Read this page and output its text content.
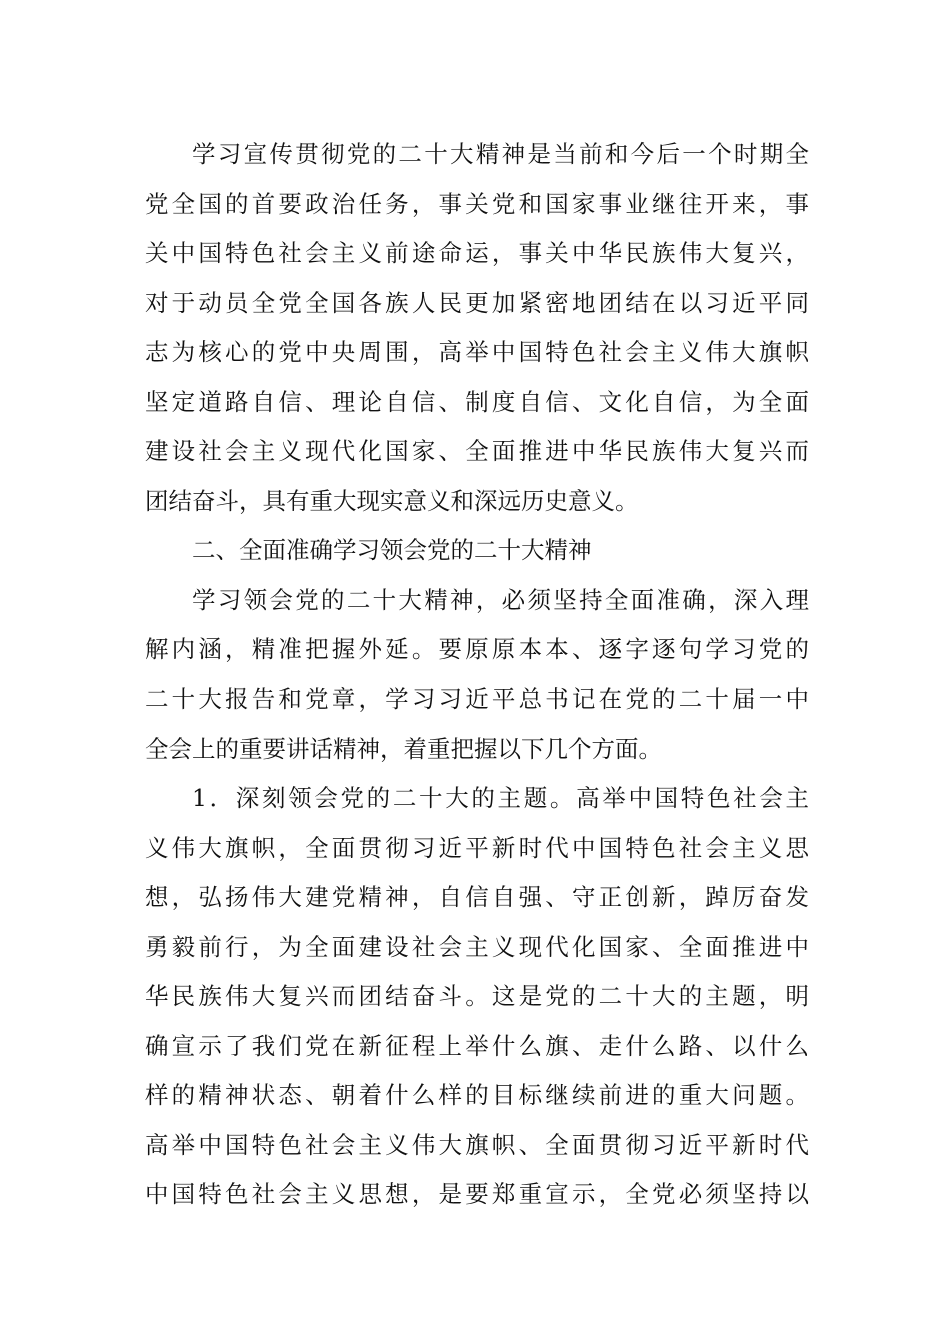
学习宣传贯彻党的二十大精神是当前和今后一个时期全
党全国的首要政治任务，事关党和国家事业继往开来，事
关中国特色社会主义前途命运，事关中华民族伟大复兴，
对于动员全党全国各族人民更加紧密地团结在以习近平同
志为核心的党中央周围，高举中国特色社会主义伟大旗帜
坚定道路自信、理论自信、制度自信、文化自信，为全面
建设社会主义现代化国家、全面推进中华民族伟大复兴而
团结奋斗，具有重大现实意义和深远历史意义。
二、全面准确学习领会党的二十大精神
学习领会党的二十大精神，必须坚持全面准确，深入理
解内涵，精准把握外延。要原原本本、逐字逐句学习党的
二十大报告和党章，学习习近平总书记在党的二十届一中
全会上的重要讲话精神，着重把握以下几个方面。
1．深刻领会党的二十大的主题。高举中国特色社会主
义伟大旗帜，全面贯彻习近平新时代中国特色社会主义思
想，弘扬伟大建党精神，自信自强、守正创新，踔厉奋发
勇毅前行，为全面建设社会主义现代化国家、全面推进中
华民族伟大复兴而团结奋斗。这是党的二十大的主题，明
确宣示了我们党在新征程上举什么旗、走什么路、以什么
样的精神状态、朝着什么样的目标继续前进的重大问题。
高举中国特色社会主义伟大旗帜、全面贯彻习近平新时代
中国特色社会主义思想，是要郑重宣示，全党必须坚持以
